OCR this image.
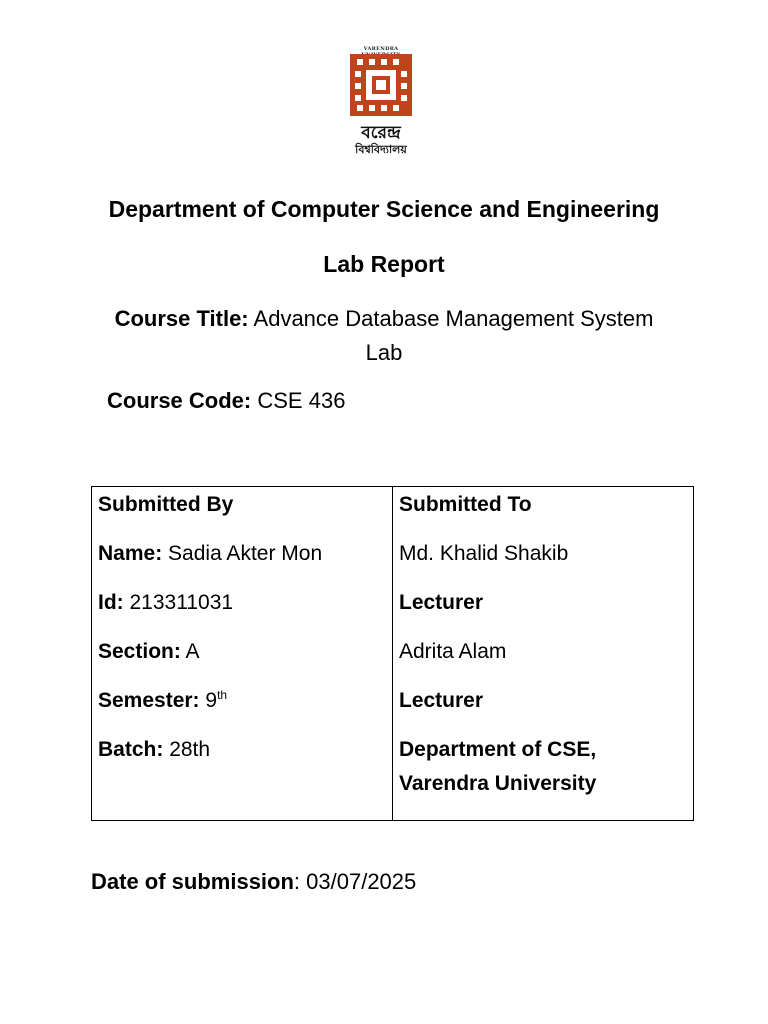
VARENDRA
বরেন্দ্র
বিশ্ববিদ্যালয়
Department of Computer Science and Engineering
Lab Report
Course Title: Advance Database Management System
Lab
Course Code: CSE 436
Submitted By
Name: Sadia Akter Mon
Id: 213311031
Section: A
Semester: 9th
Batch: 28th

Submitted To
Md. Khalid Shakib
Lecturer
Adrita Alam
Lecturer
Department of CSE,
Varendra University
Date of submission: 03/07/2025
